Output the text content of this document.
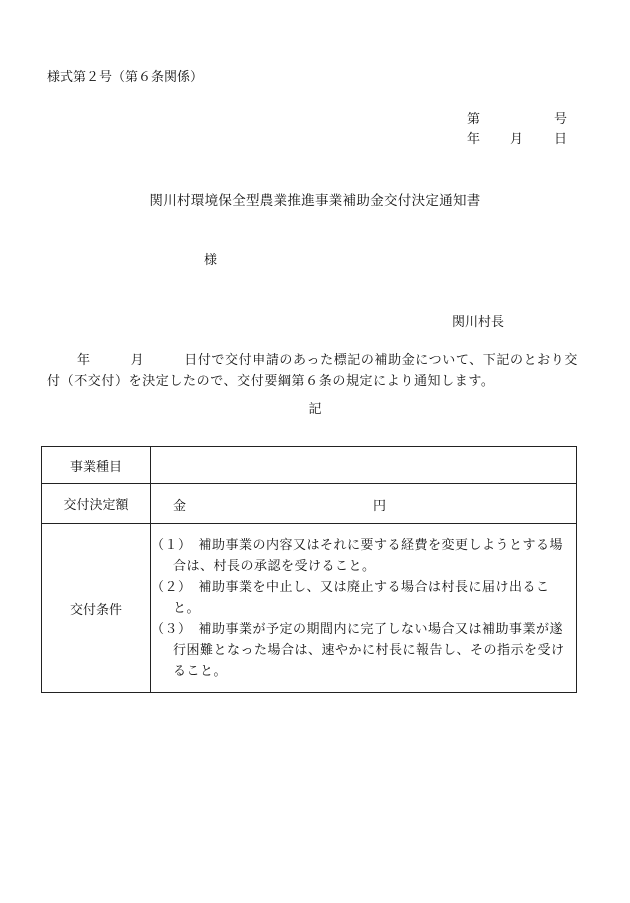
様式第２号（第６条関係）
第	号
年 月 日
関川村環境保全型農業推進事業補助金交付決定通知書
様
関川村長
年	月	日付で交付申請のあった標記の補助金について、下記のとおり交付（不交付）を決定したので、交付要綱第６条の規定により通知します。
記
事業種目	
交付決定額	金 円

交付条件	（１）　補助事業の内容又はそれに要する経費を変更しようとする場合は、村長の承認を受けること。
（２）　補助事業を中止し、又は廃止する場合は村長に届け出ること。
（３）　補助事業が予定の期間内に完了しない場合又は補助事業が遂行困難となった場合は、速やかに村長に報告し、その指示を受けること。
